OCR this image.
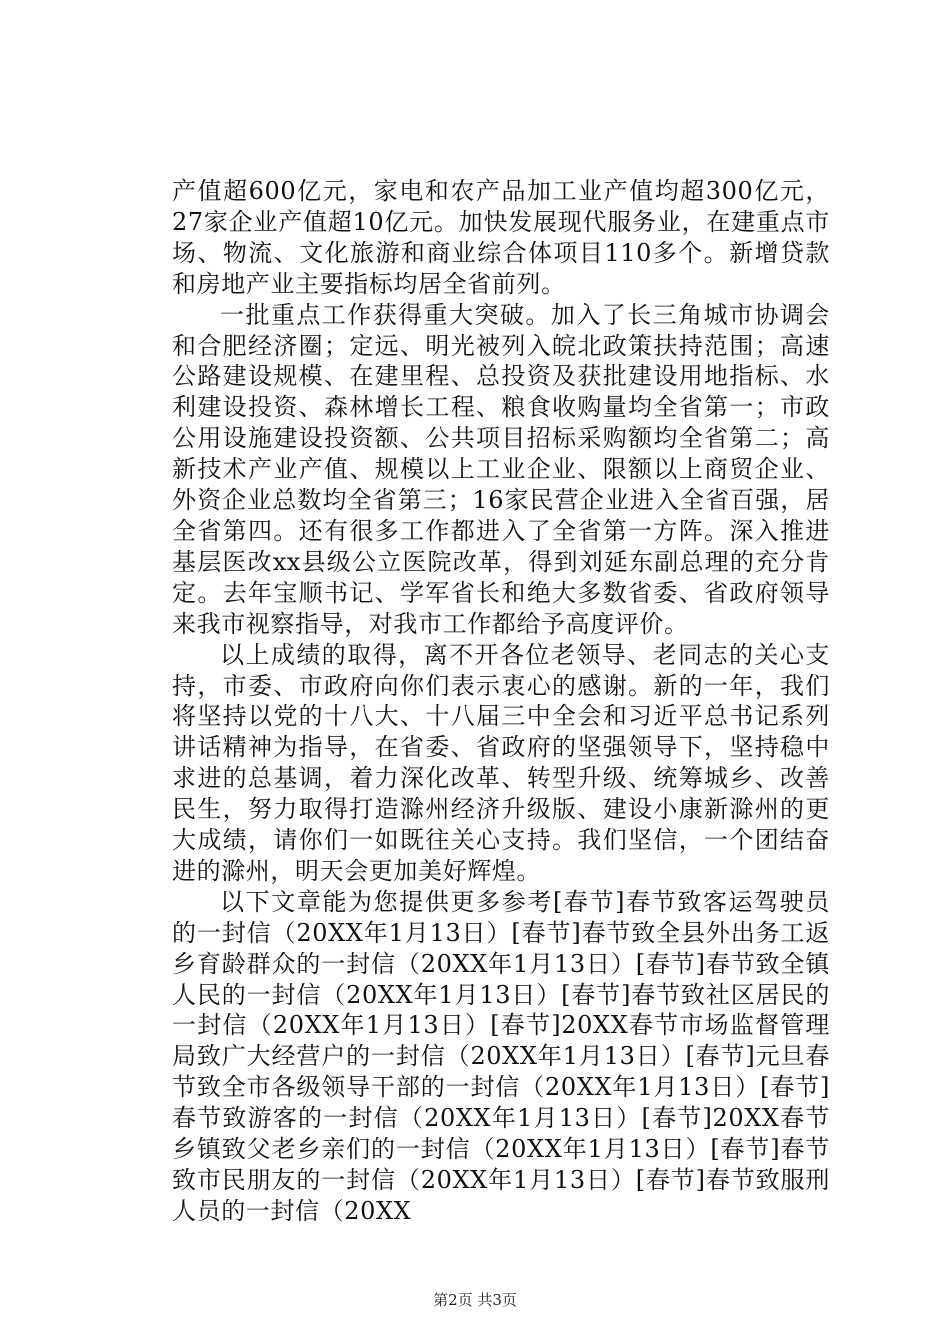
产值超600亿元，家电和农产品加工业产值均超300亿元，27家企业产值超10亿元。加快发展现代服务业，在建重点市场、物流、文化旅游和商业综合体项目110多个。新增贷款和房地产业主要指标均居全省前列。

一批重点工作获得重大突破。加入了长三角城市协调会和合肥经济圈；定远、明光被列入皖北政策扶持范围；高速公路建设规模、在建里程、总投资及获批建设用地指标、水利建设投资、森林增长工程、粮食收购量均全省第一；市政公用设施建设投资额、公共项目招标采购额均全省第二；高新技术产业产值、规模以上工业企业、限额以上商贸企业、外资企业总数均全省第三；16家民营企业进入全省百强，居全省第四。还有很多工作都进入了全省第一方阵。深入推进基层医改xx县级公立医院改革，得到刘延东副总理的充分肯定。去年宝顺书记、学军省长和绝大多数省委、省政府领导来我市视察指导，对我市工作都给予高度评价。

以上成绩的取得，离不开各位老领导、老同志的关心支持，市委、市政府向你们表示衷心的感谢。新的一年，我们将坚持以党的十八大、十八届三中全会和习近平总书记系列讲话精神为指导，在省委、省政府的坚强领导下，坚持稳中求进的总基调，着力深化改革、转型升级、统筹城乡、改善民生，努力取得打造滁州经济升级版、建设小康新滁州的更大成绩，请你们一如既往关心支持。我们坚信，一个团结奋进的滁州，明天会更加美好辉煌。

以下文章能为您提供更多参考[春节]春节致客运驾驶员的一封信（20XX年1月13日）[春节]春节致全县外出务工返乡育龄群众的一封信（20XX年1月13日）[春节]春节致全镇人民的一封信（20XX年1月13日）[春节]春节致社区居民的一封信（20XX年1月13日）[春节]20XX春节市场监督管理局致广大经营户的一封信（20XX年1月13日）[春节]元旦春节致全市各级领导干部的一封信（20XX年1月13日）[春节]春节致游客的一封信（20XX年1月13日）[春节]20XX春节乡镇致父老乡亲们的一封信（20XX年1月13日）[春节]春节致市民朋友的一封信（20XX年1月13日）[春节]春节致服刑人员的一封信（20XX

第2页 共3页
